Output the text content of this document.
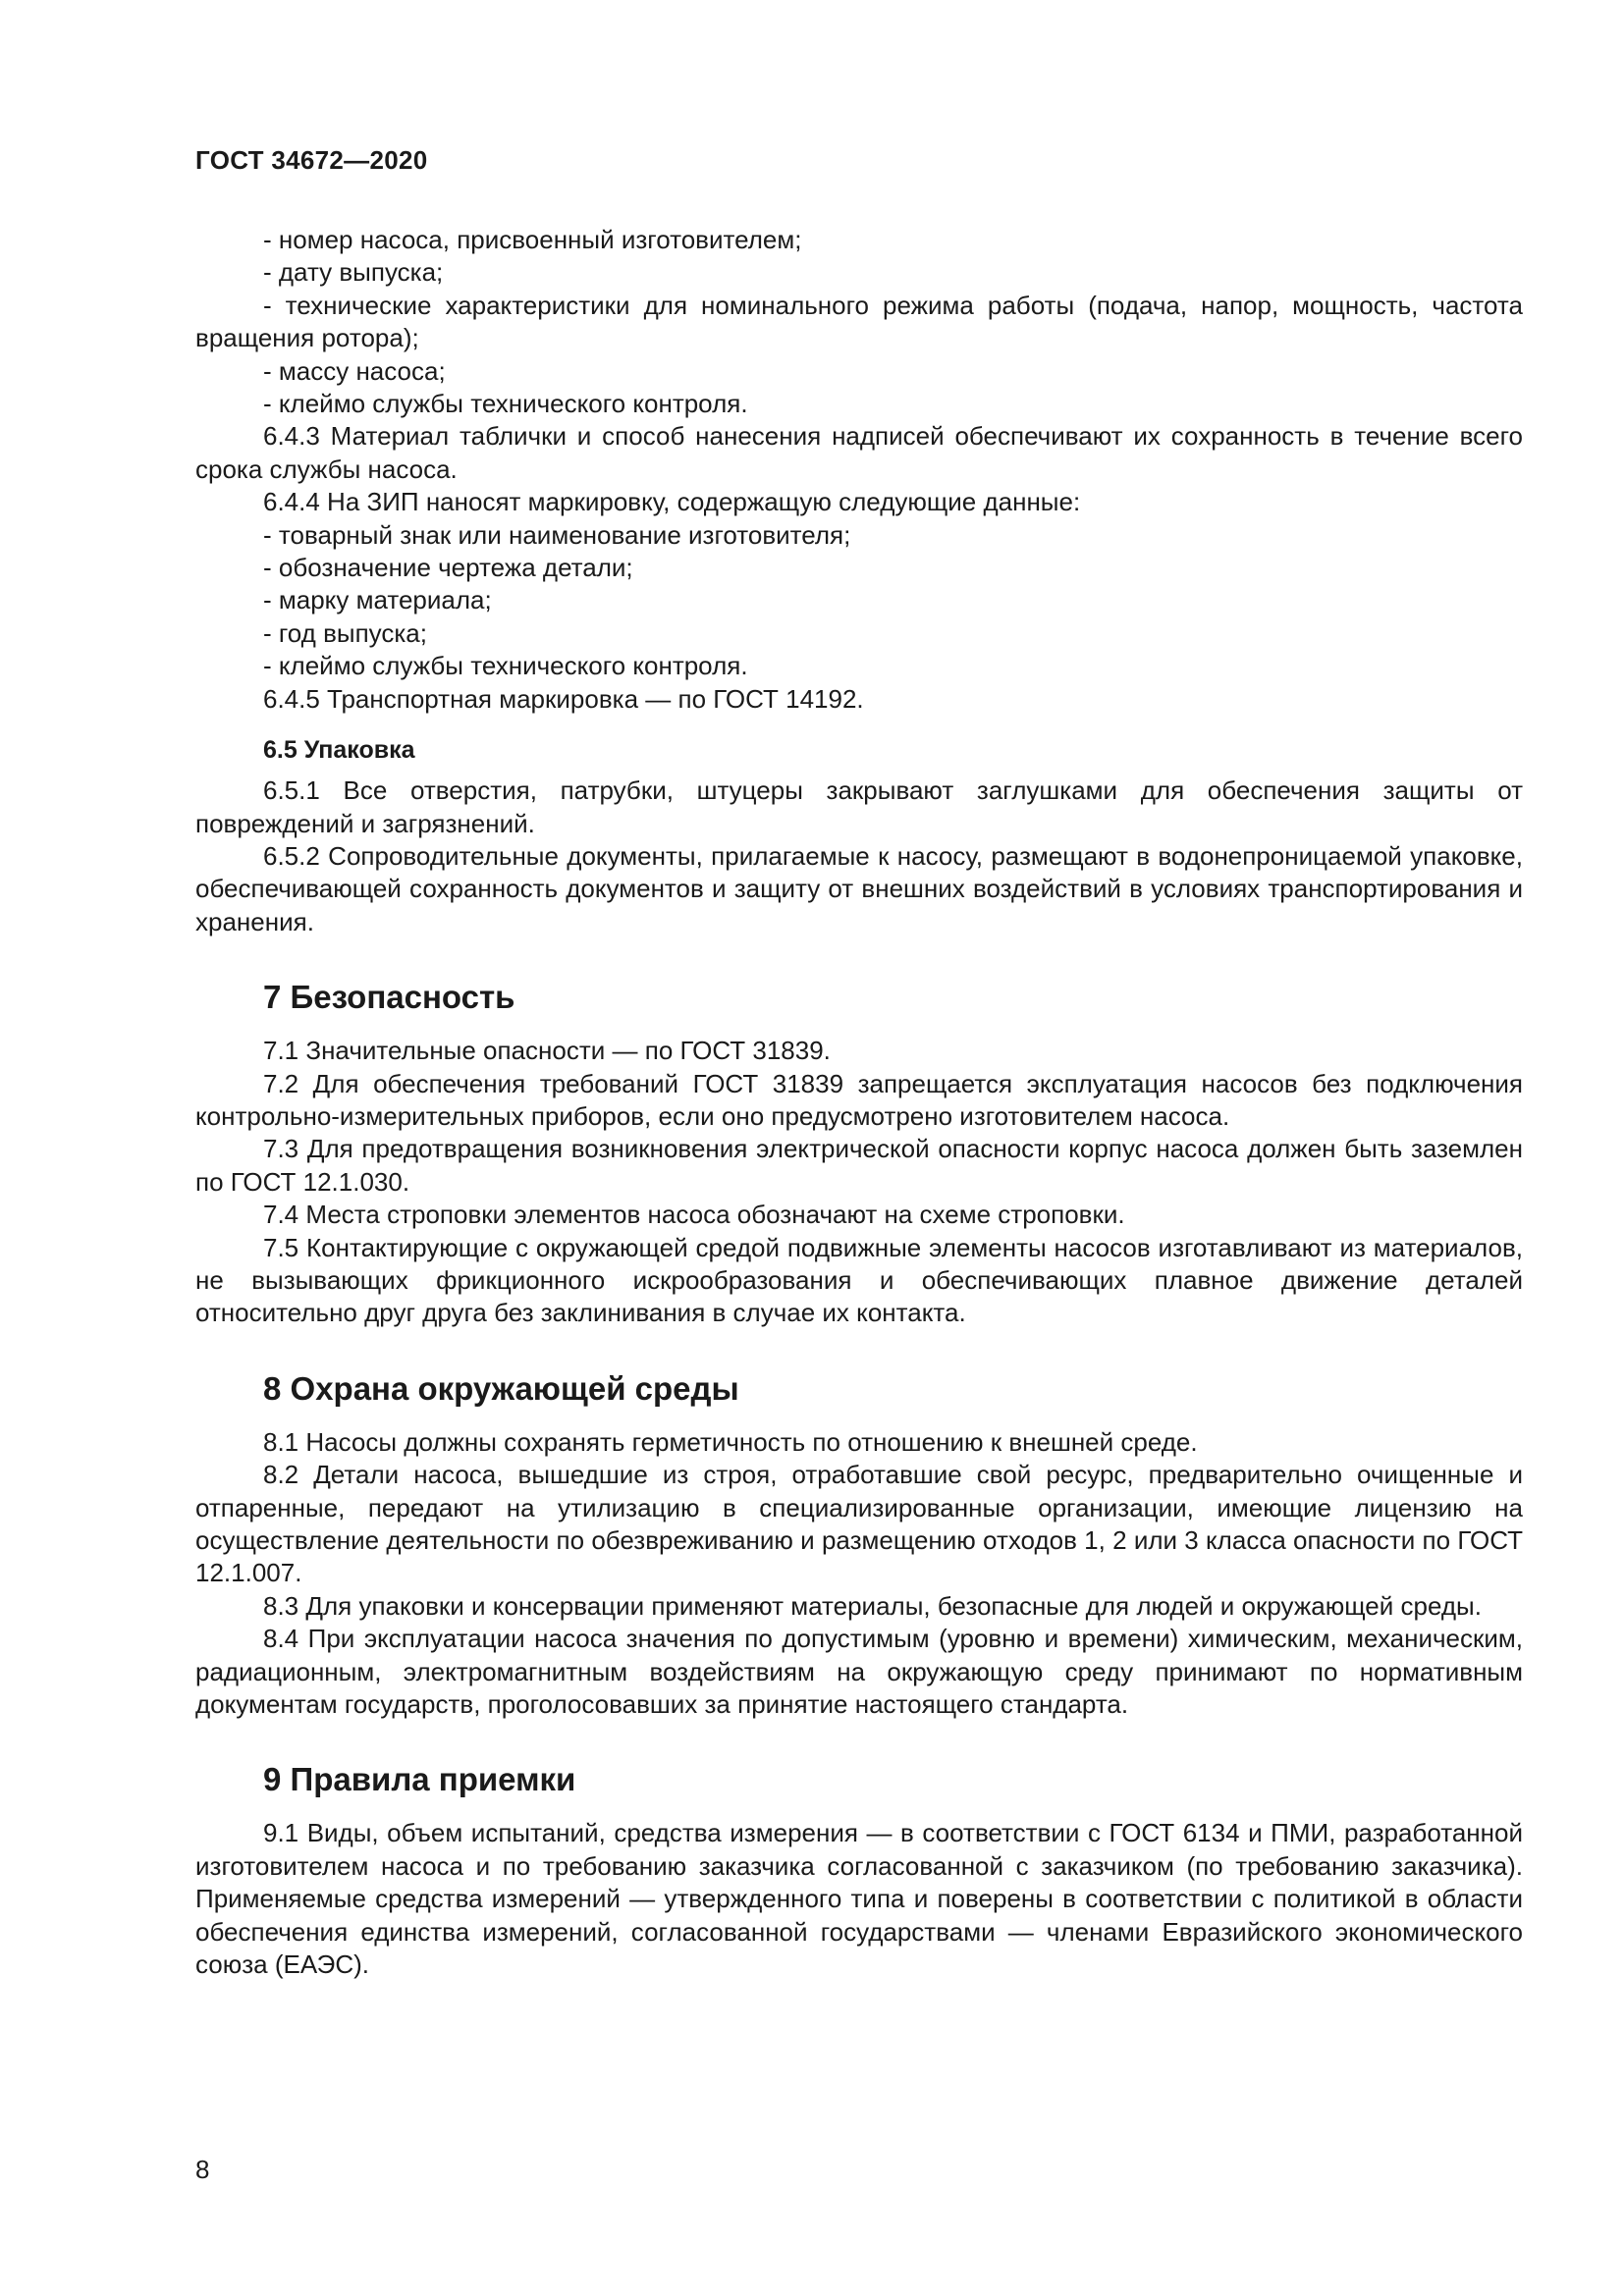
ГОСТ 34672—2020

- номер насоса, присвоенный изготовителем;

- дату выпуска;

- технические характеристики для номинального режима работы (подача, напор, мощность, частота вращения ротора);

- массу насоса;

- клеймо службы технического контроля.

6.4.3 Материал таблички и способ нанесения надписей обеспечивают их сохранность в течение всего срока службы насоса.

6.4.4 На ЗИП наносят маркировку, содержащую следующие данные:

- товарный знак или наименование изготовителя;

- обозначение чертежа детали;

- марку материала;

- год выпуска;

- клеймо службы технического контроля.

6.4.5 Транспортная маркировка — по ГОСТ 14192.

6.5 Упаковка

6.5.1 Все отверстия, патрубки, штуцеры закрывают заглушками для обеспечения защиты от повреждений и загрязнений.

6.5.2 Сопроводительные документы, прилагаемые к насосу, размещают в водонепроницаемой упаковке, обеспечивающей сохранность документов и защиту от внешних воздействий в условиях транспортирования и хранения.

7 Безопасность

7.1 Значительные опасности — по ГОСТ 31839.

7.2 Для обеспечения требований ГОСТ 31839 запрещается эксплуатация насосов без подключения контрольно-измерительных приборов, если оно предусмотрено изготовителем насоса.

7.3 Для предотвращения возникновения электрической опасности корпус насоса должен быть заземлен по ГОСТ 12.1.030.

7.4 Места строповки элементов насоса обозначают на схеме строповки.

7.5 Контактирующие с окружающей средой подвижные элементы насосов изготавливают из материалов, не вызывающих фрикционного искрообразования и обеспечивающих плавное движение деталей относительно друг друга без заклинивания в случае их контакта.

8 Охрана окружающей среды

8.1 Насосы должны сохранять герметичность по отношению к внешней среде.

8.2 Детали насоса, вышедшие из строя, отработавшие свой ресурс, предварительно очищенные и отпаренные, передают на утилизацию в специализированные организации, имеющие лицензию на осуществление деятельности по обезвреживанию и размещению отходов 1, 2 или 3 класса опасности по ГОСТ 12.1.007.

8.3 Для упаковки и консервации применяют материалы, безопасные для людей и окружающей среды.

8.4 При эксплуатации насоса значения по допустимым (уровню и времени) химическим, механическим, радиационным, электромагнитным воздействиям на окружающую среду принимают по нормативным документам государств, проголосовавших за принятие настоящего стандарта.

9 Правила приемки

9.1 Виды, объем испытаний, средства измерения — в соответствии с ГОСТ 6134 и ПМИ, разработанной изготовителем насоса и по требованию заказчика согласованной с заказчиком (по требованию заказчика). Применяемые средства измерений — утвержденного типа и поверены в соответствии с политикой в области обеспечения единства измерений, согласованной государствами — членами Евразийского экономического союза (ЕАЭС).

8
